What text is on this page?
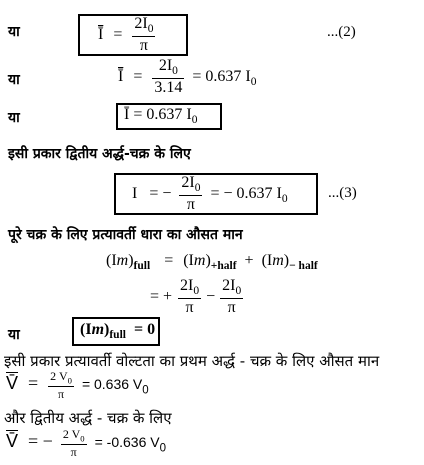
या	$\overline{Ī} = \frac{2I_0}{\pi}$	...(2)
या	$\overline{Ī} = \frac{2I_0}{3.14} = 0.637$ $I_0$
या	Ī = 0.637 $I_0$
इसी प्रकार द्वितीय अर्द्ध-चक्र के लिए
I = − $\frac{2I_0}{\pi}$ = − 0.637 $I_0$	...(3)
पूरे चक्र के लिए प्रत्यावर्ती धारा का औसत मान
$(Im)_{full} = (Im)_{+half} + (Im)_{- half}$
= + $\frac{2I_0}{\pi} - \frac{2I_0}{\pi}$
या	$(Im)_{full} = 0$
इसी प्रकार प्रत्यावर्ती वोल्टता का प्रथम अर्द्ध - चक्र के लिए औसत मान
V̄ = $\frac{2 V_0}{\pi} = 0.636$ $V_0$
और द्वितीय अर्द्ध - चक्र के लिए
V̄ = − $\frac{2 V_0}{\pi} = -0.636$ $V_0$
